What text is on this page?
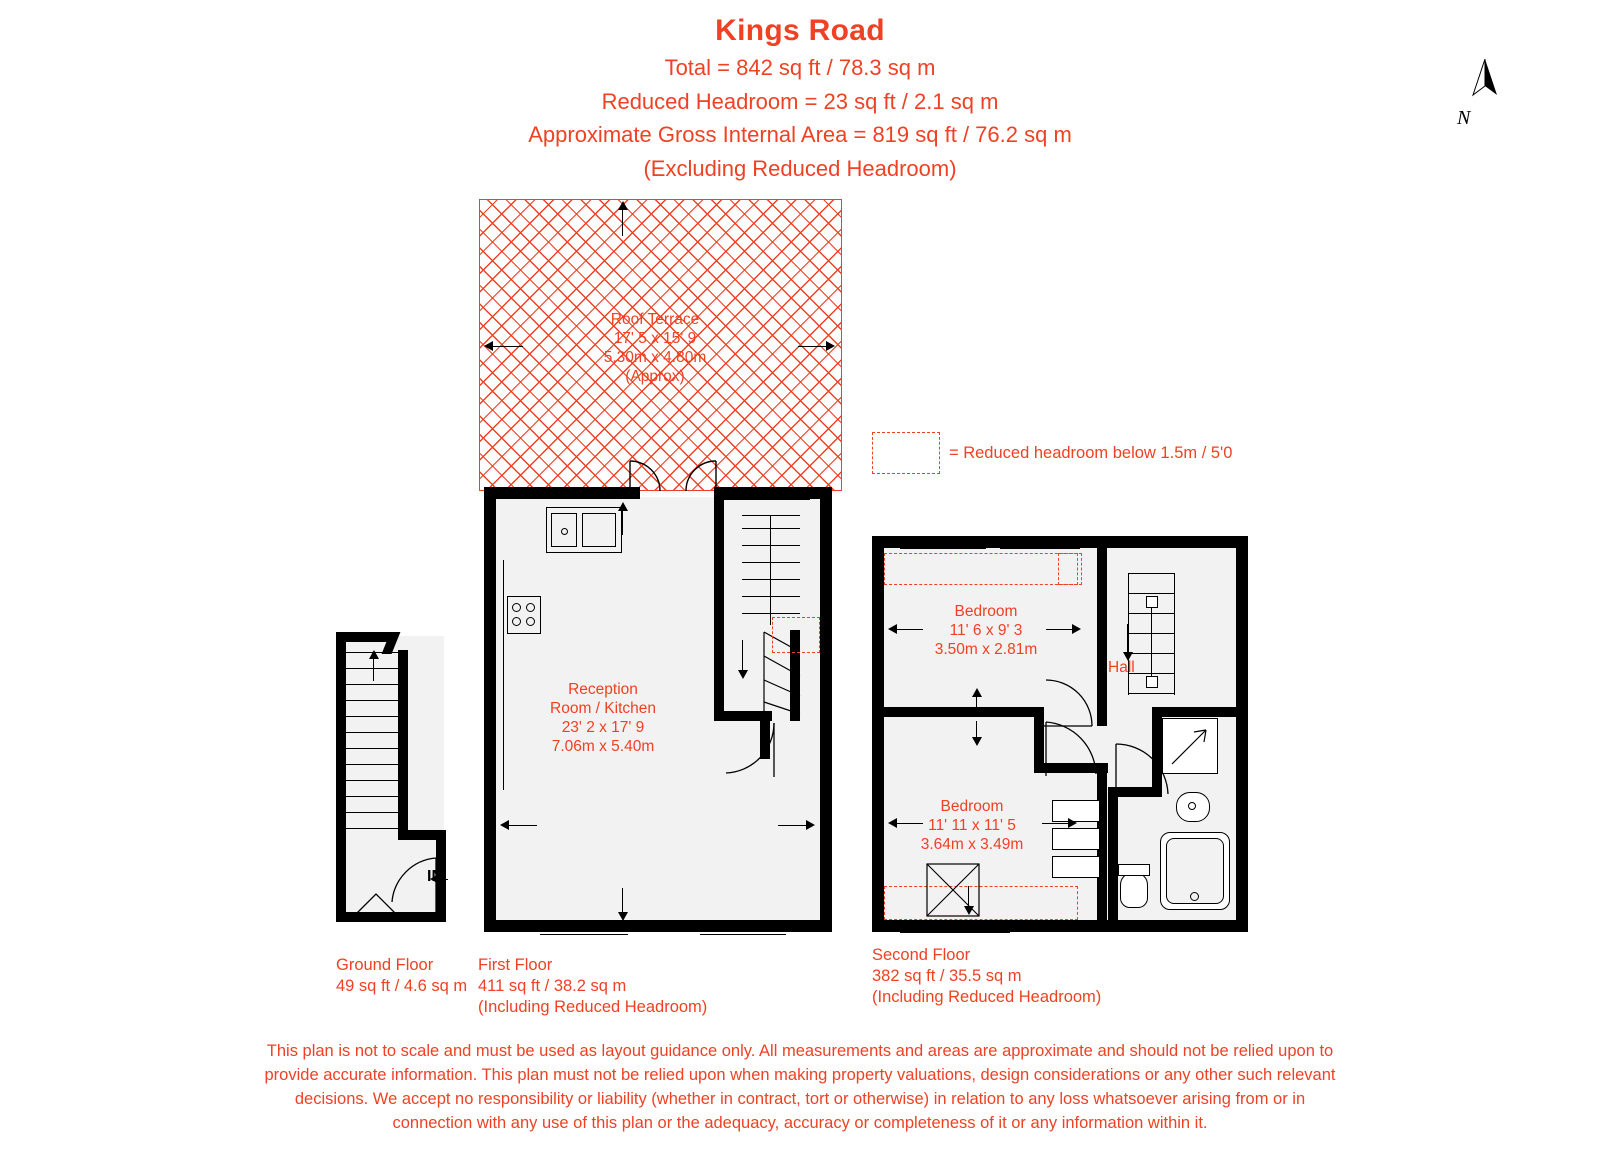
Kings Road
Total = 842 sq ft / 78.3 sq m
Reduced Headroom = 23 sq ft / 2.1 sq m
Approximate Gross Internal Area = 819 sq ft / 76.2 sq m
(Excluding Reduced Headroom)
N
= Reduced headroom below 1.5m / 5'0
Roof Terrace
17' 5 x 15' 9
5.30m x 4.80m
(Approx)
IN
Ground Floor
49 sq ft / 4.6 sq m
Reception
Room / Kitchen
23' 2 x 17' 9
7.06m x 5.40m
First Floor
411 sq ft / 38.2 sq m
(Including Reduced Headroom)
Bedroom
11' 6 x 9' 3
3.50m x 2.81m
Bedroom
11' 11 x 11' 5
3.64m x 3.49m
Hall
Second Floor
382 sq ft / 35.5 sq m
(Including Reduced Headroom)
This plan is not to scale and must be used as layout guidance only. All measurements and areas are approximate and should not be relied upon to
provide accurate information. This plan must not be relied upon when making property valuations, design considerations or any other such relevant
decisions. We accept no responsibility or liability (whether in contract, tort or otherwise) in relation to any loss whatsoever arising from or in
connection with any use of this plan or the adequacy, accuracy or completeness of it or any information within it.
